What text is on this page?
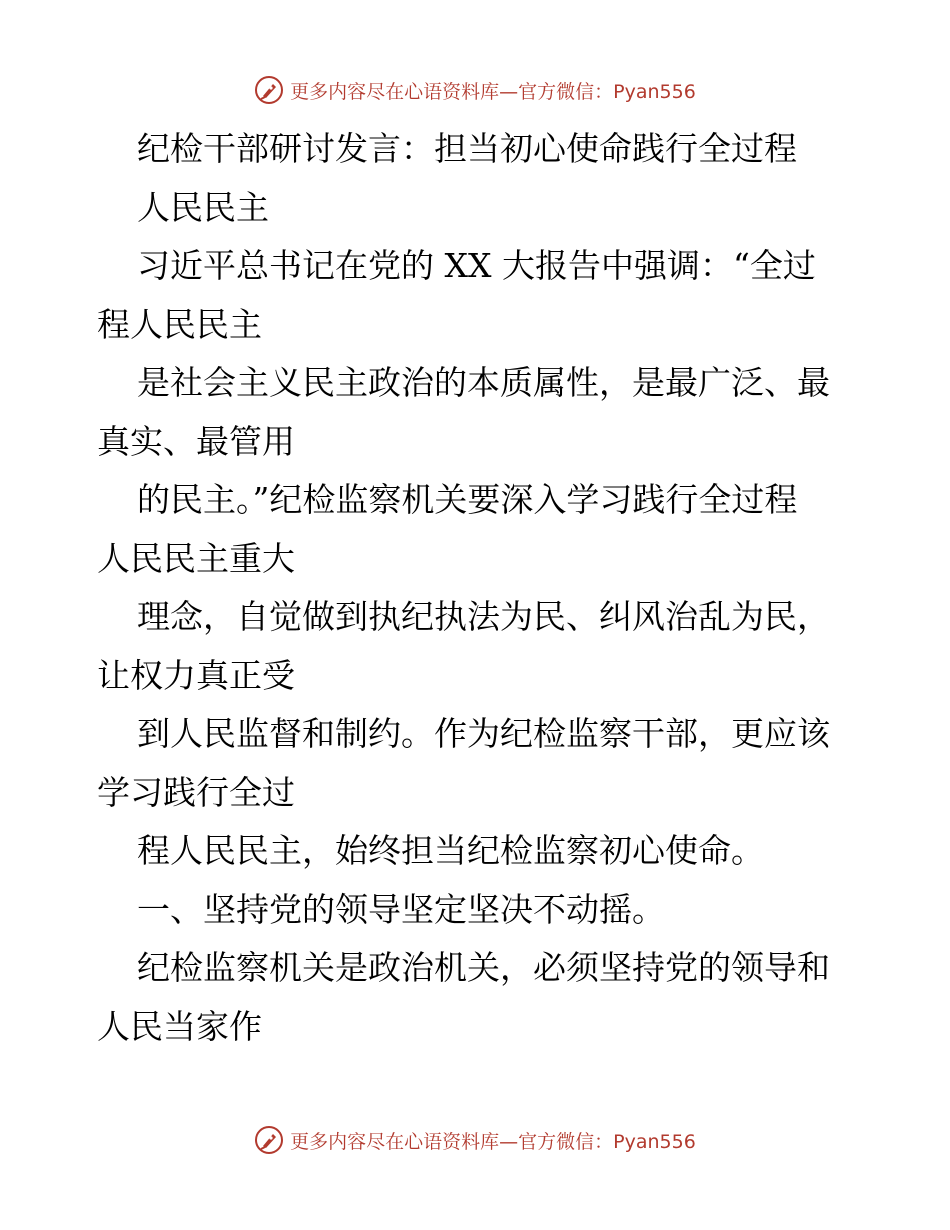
更多内容尽在心语资料库—官方微信：Pyan556
纪检干部研讨发言：担当初心使命践行全过程
人民民主
习近平总书记在党的 XX 大报告中强调：“全过
程人民民主
是社会主义民主政治的本质属性，是最广泛、最
真实、最管用
的民主。”纪检监察机关要深入学习践行全过程
人民民主重大
理念，自觉做到执纪执法为民、纠风治乱为民，
让权力真正受
到人民监督和制约。作为纪检监察干部，更应该
学习践行全过
程人民民主，始终担当纪检监察初心使命。
一、坚持党的领导坚定坚决不动摇。
纪检监察机关是政治机关，必须坚持党的领导和
人民当家作
更多内容尽在心语资料库—官方微信：Pyan556
